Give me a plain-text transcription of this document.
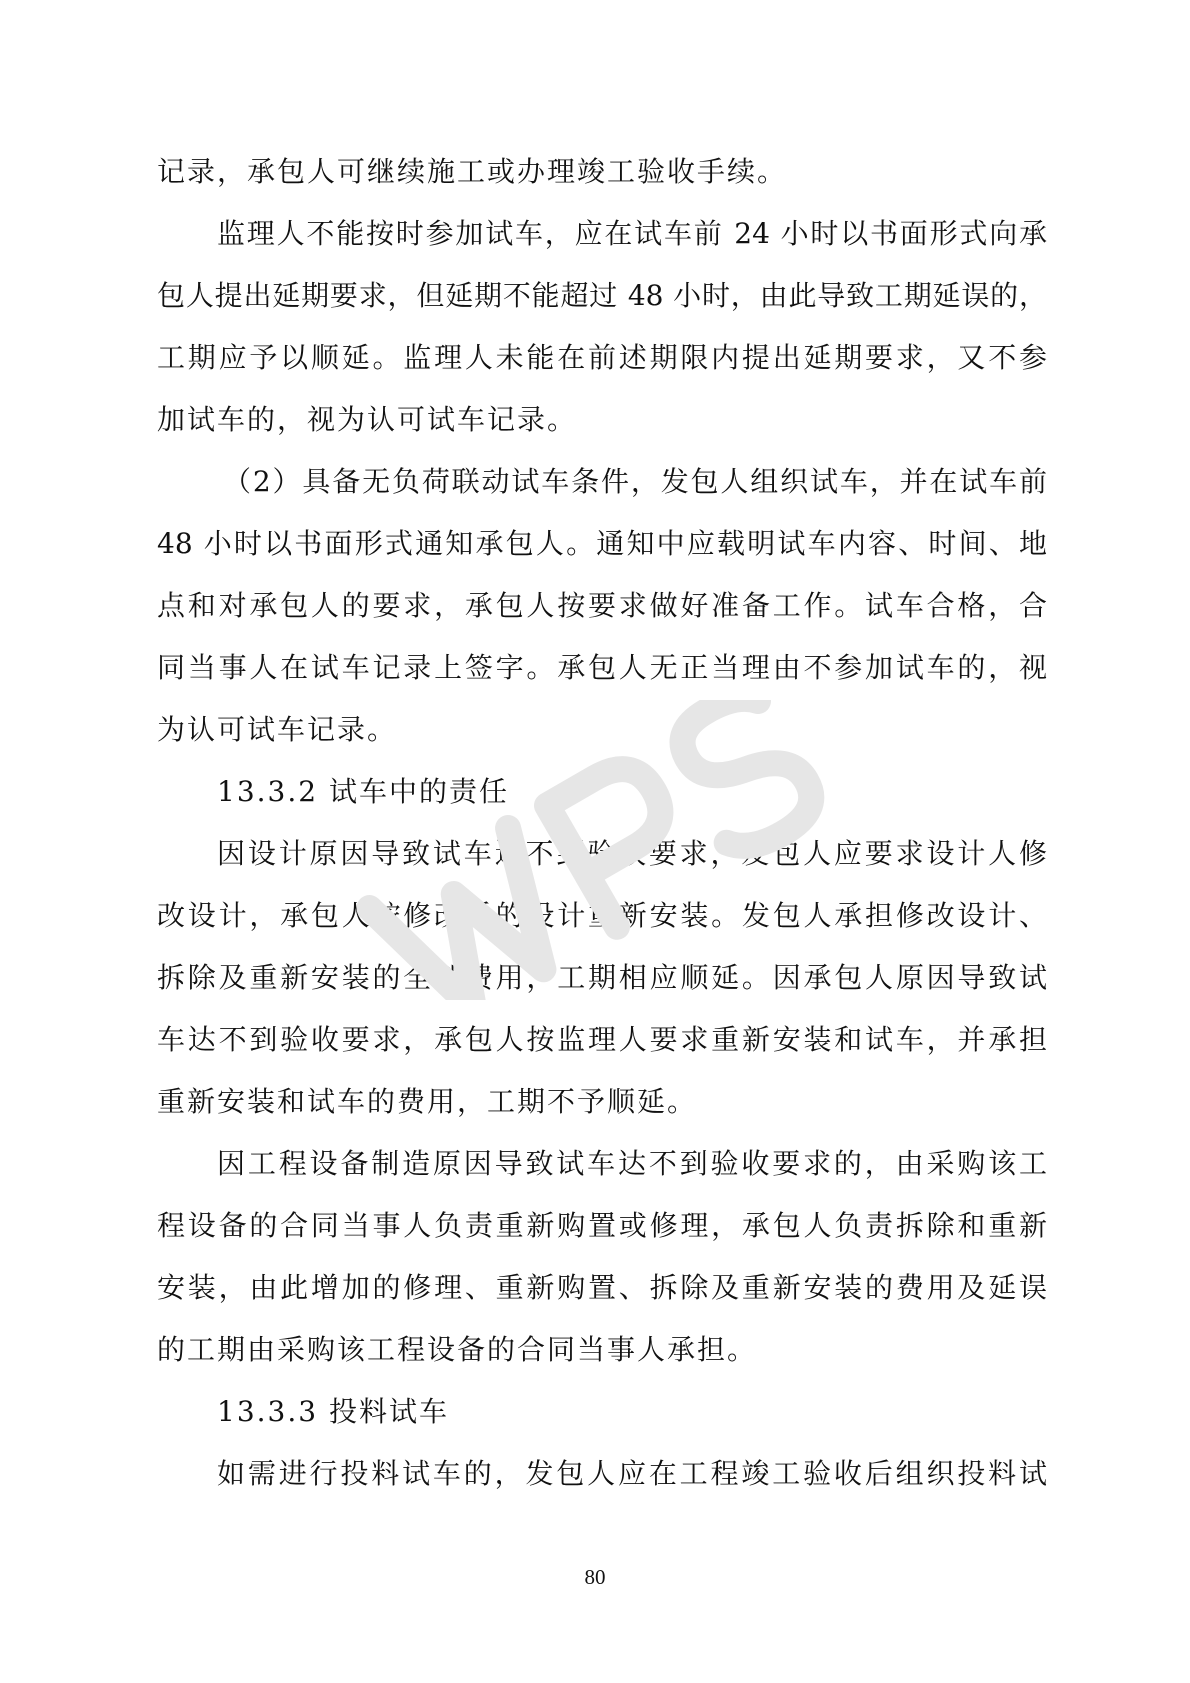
记录，承包人可继续施工或办理竣工验收手续。
监理人不能按时参加试车，应在试车前 24 小时以书面形式向承
包人提出延期要求，但延期不能超过 48 小时，由此导致工期延误的，
工期应予以顺延。监理人未能在前述期限内提出延期要求，又不参
加试车的，视为认可试车记录。
（2）具备无负荷联动试车条件，发包人组织试车，并在试车前
48 小时以书面形式通知承包人。通知中应载明试车内容、时间、地
点和对承包人的要求，承包人按要求做好准备工作。试车合格，合
同当事人在试车记录上签字。承包人无正当理由不参加试车的，视
为认可试车记录。
13.3.2 试车中的责任
因设计原因导致试车达不到验收要求，发包人应要求设计人修
改设计，承包人按修改后的设计重新安装。发包人承担修改设计、
拆除及重新安装的全部费用，工期相应顺延。因承包人原因导致试
车达不到验收要求，承包人按监理人要求重新安装和试车，并承担
重新安装和试车的费用，工期不予顺延。
因工程设备制造原因导致试车达不到验收要求的，由采购该工
程设备的合同当事人负责重新购置或修理，承包人负责拆除和重新
安装，由此增加的修理、重新购置、拆除及重新安装的费用及延误
的工期由采购该工程设备的合同当事人承担。
13.3.3 投料试车
如需进行投料试车的，发包人应在工程竣工验收后组织投料试
80
